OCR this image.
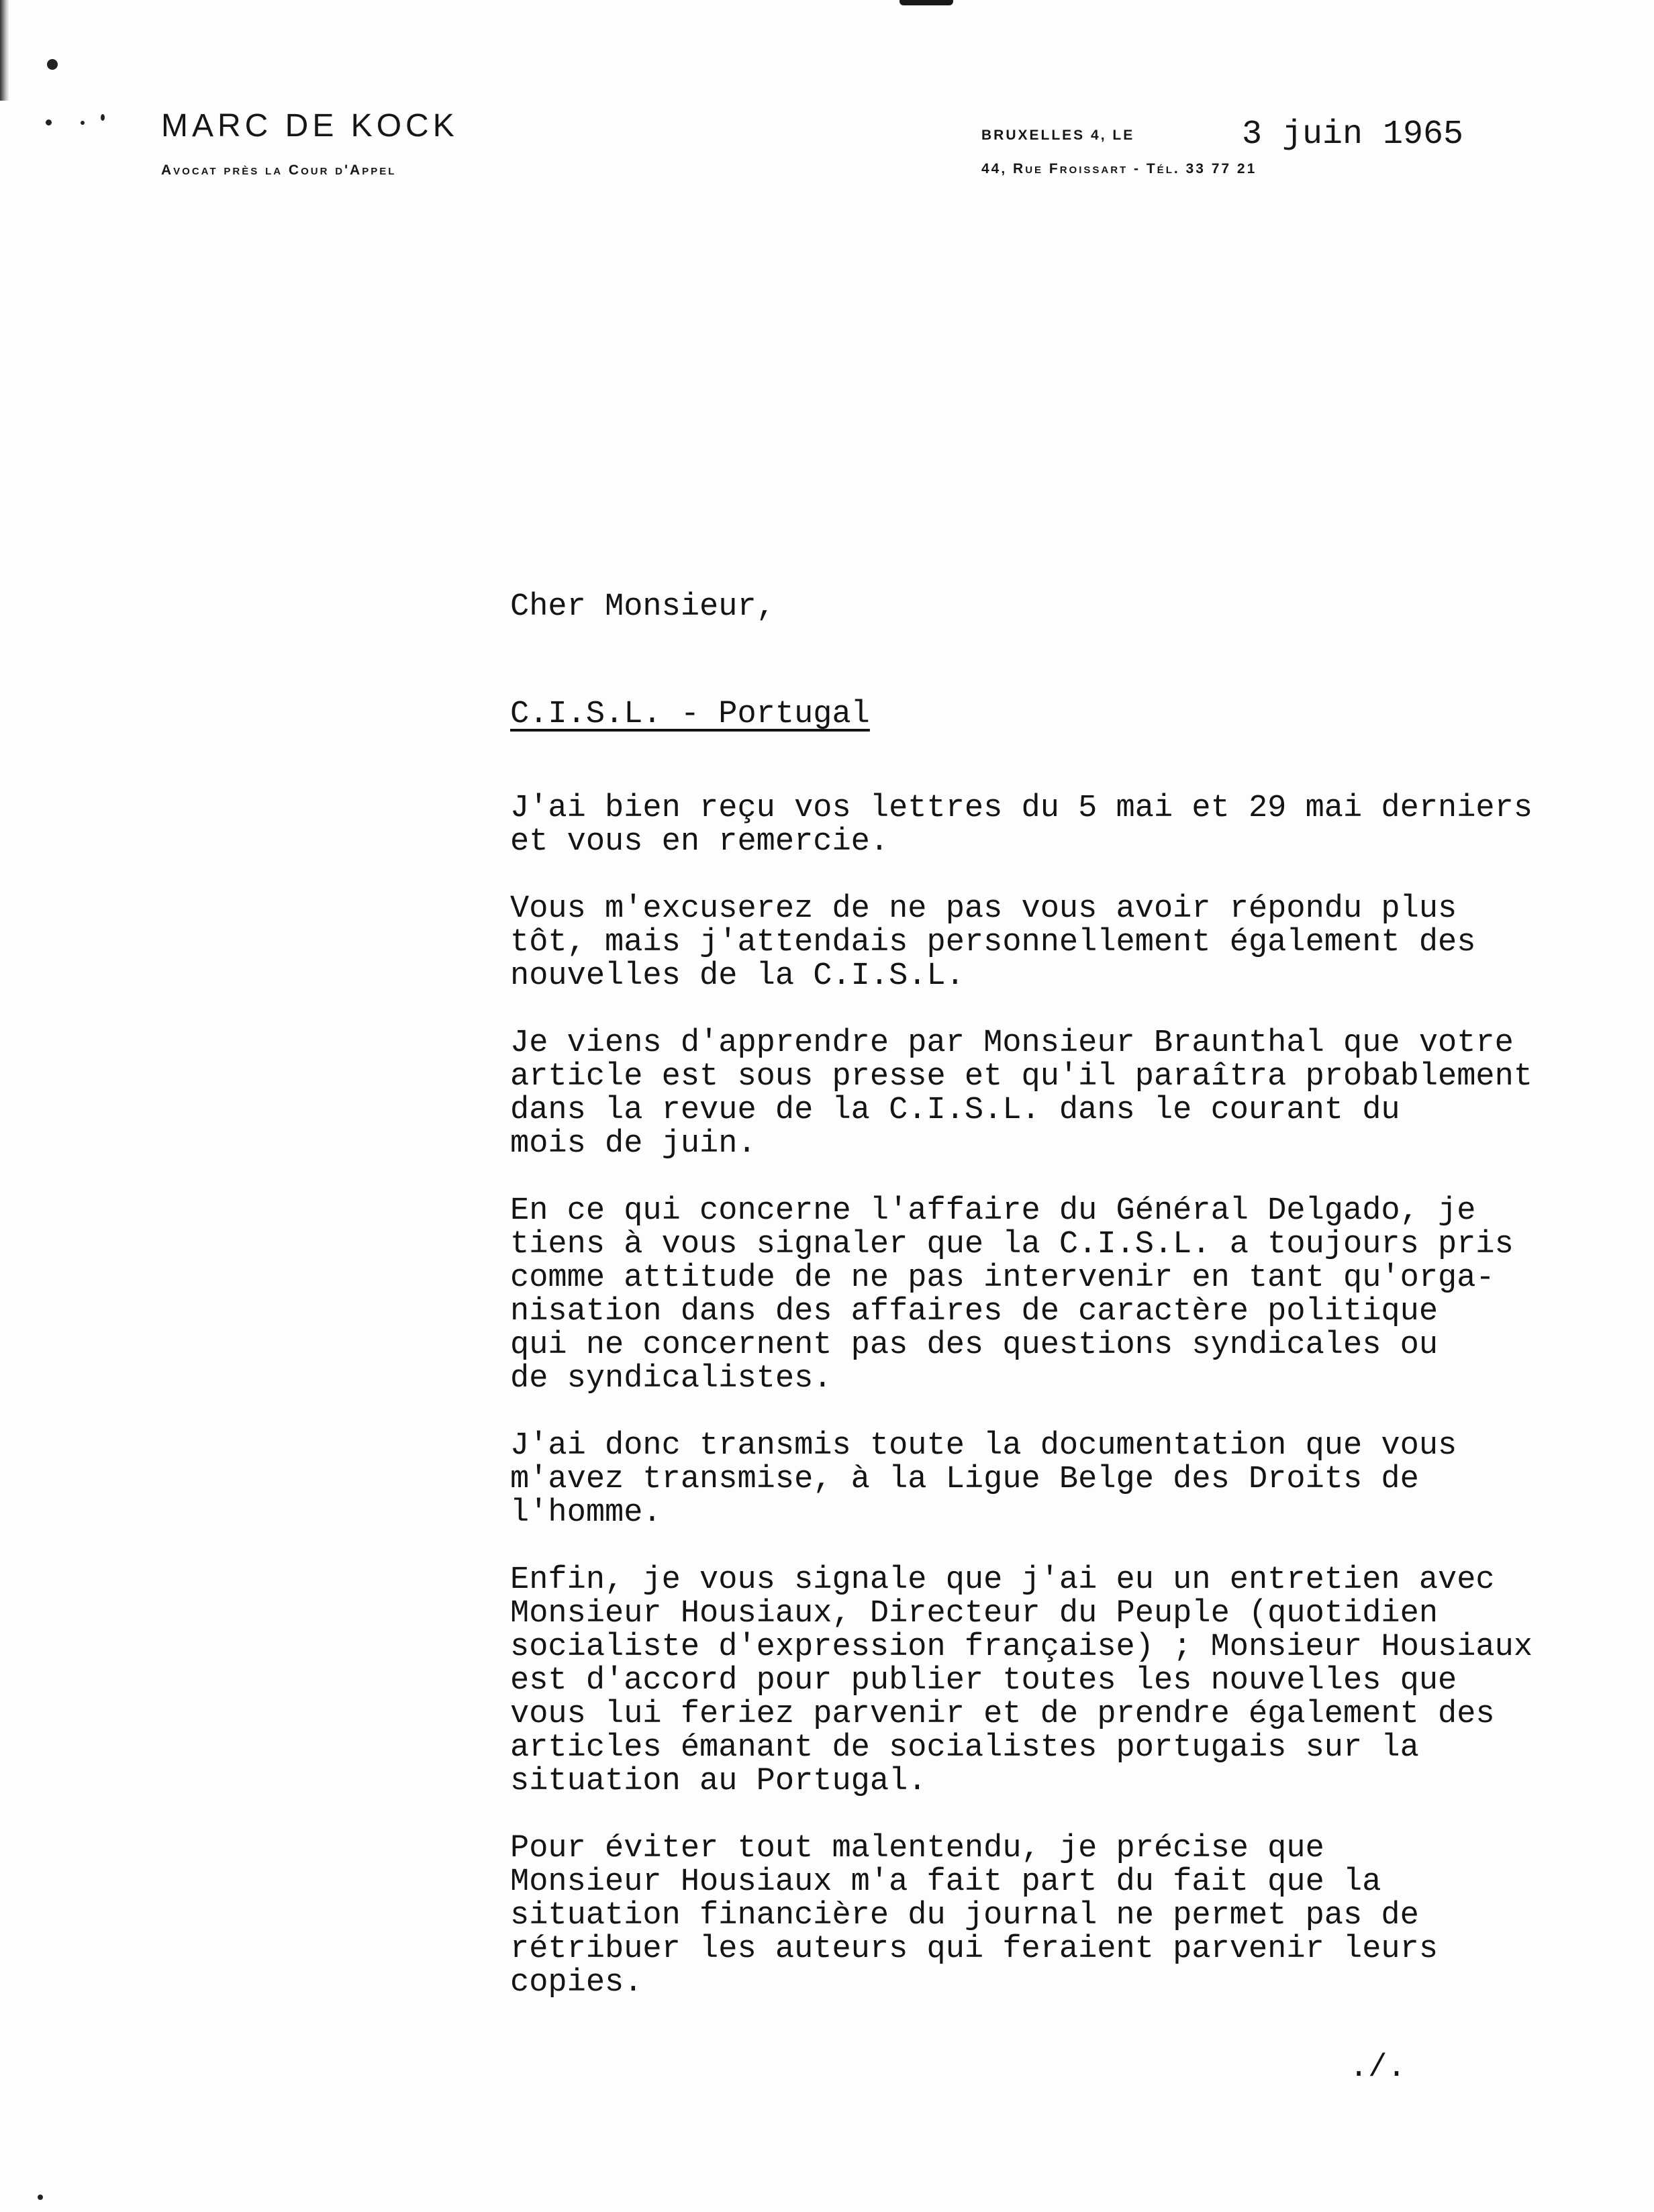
MARC DE KOCK
Avocat près la Cour d'Appel
BRUXELLES 4, LE	3 juin 1965
44, Rue Froissart - Tél. 33 77 21
Cher Monsieur,
C.I.S.L. - Portugal
J'ai bien reçu vos lettres du 5 mai et 29 mai derniers
et vous en remercie.
Vous m'excuserez de ne pas vous avoir répondu plus
tôt, mais j'attendais personnellement également des
nouvelles de la C.I.S.L.
Je viens d'apprendre par Monsieur Braunthal que votre
article est sous presse et qu'il paraîtra probablement
dans la revue de la C.I.S.L. dans le courant du
mois de juin.
En ce qui concerne l'affaire du Général Delgado, je
tiens à vous signaler que la C.I.S.L. a toujours pris
comme attitude de ne pas intervenir en tant qu'orga-
nisation dans des affaires de caractère politique
qui ne concernent pas des questions syndicales ou
de syndicalistes.
J'ai donc transmis toute la documentation que vous
m'avez transmise, à la Ligue Belge des Droits de
l'homme.
Enfin, je vous signale que j'ai eu un entretien avec
Monsieur Housiaux, Directeur du Peuple (quotidien
socialiste d'expression française) ; Monsieur Housiaux
est d'accord pour publier toutes les nouvelles que
vous lui feriez parvenir et de prendre également des
articles émanant de socialistes portugais sur la
situation au Portugal.
Pour éviter tout malentendu, je précise que
Monsieur Housiaux m'a fait part du fait que la
situation financière du journal ne permet pas de
rétribuer les auteurs qui feraient parvenir leurs
copies.
./.
